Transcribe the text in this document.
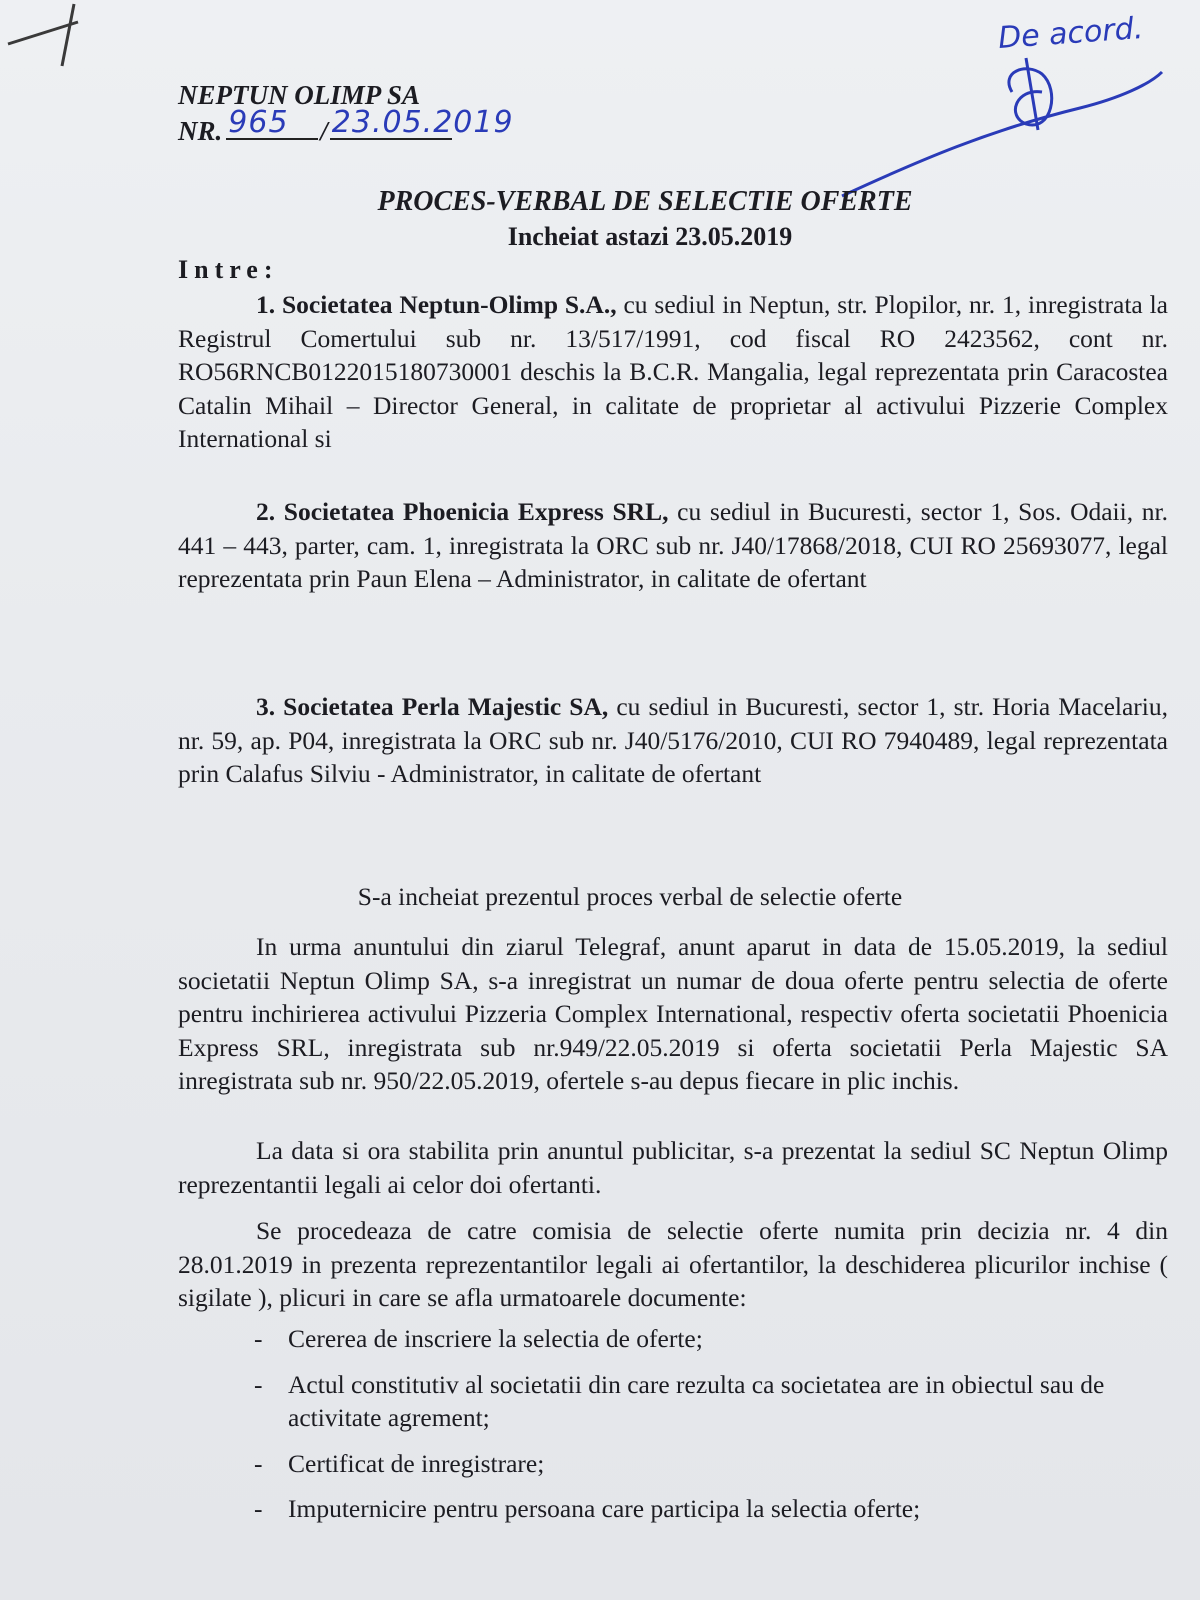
De acord.
NEPTUN OLIMP SA
NR. 965 / 23.05.2019
PROCES-VERBAL DE SELECTIE OFERTE
Incheiat astazi 23.05.2019
Intre:
1. Societatea Neptun-Olimp S.A., cu sediul in Neptun, str. Plopilor, nr. 1, inregistrata la Registrul Comertului sub nr. 13/517/1991, cod fiscal RO 2423562, cont nr. RO56RNCB0122015180730001 deschis la B.C.R. Mangalia, legal reprezentata prin Caracostea Catalin Mihail – Director General, in calitate de proprietar al activului Pizzerie Complex International si
2. Societatea Phoenicia Express SRL, cu sediul in Bucuresti, sector 1, Sos. Odaii, nr. 441 – 443, parter, cam. 1, inregistrata la ORC sub nr. J40/17868/2018, CUI RO 25693077, legal reprezentata prin Paun Elena – Administrator, in calitate de ofertant
3. Societatea Perla Majestic SA, cu sediul in Bucuresti, sector 1, str. Horia Macelariu, nr. 59, ap. P04, inregistrata la ORC sub nr. J40/5176/2010, CUI RO 7940489, legal reprezentata prin Calafus Silviu - Administrator, in calitate de ofertant
S-a incheiat prezentul proces verbal de selectie oferte
In urma anuntului din ziarul Telegraf, anunt aparut in data de 15.05.2019, la sediul societatii Neptun Olimp SA, s-a inregistrat un numar de doua oferte pentru selectia de oferte pentru inchirierea activului Pizzeria Complex International, respectiv oferta societatii Phoenicia Express SRL, inregistrata sub nr.949/22.05.2019 si oferta societatii Perla Majestic SA inregistrata sub nr. 950/22.05.2019, ofertele s-au depus fiecare in plic inchis.
La data si ora stabilita prin anuntul publicitar, s-a prezentat la sediul SC Neptun Olimp reprezentantii legali ai celor doi ofertanti.
Se procedeaza de catre comisia de selectie oferte numita prin decizia nr. 4 din 28.01.2019 in prezenta reprezentantilor legali ai ofertantilor, la deschiderea plicurilor inchise ( sigilate ), plicuri in care se afla urmatoarele documente:
-	Cererea de inscriere la selectia de oferte;
-	Actul constitutiv al societatii din care rezulta ca societatea are in obiectul sau de activitate agrement;
-	Certificat de inregistrare;
-	Imputernicire pentru persoana care participa la selectia oferte;
